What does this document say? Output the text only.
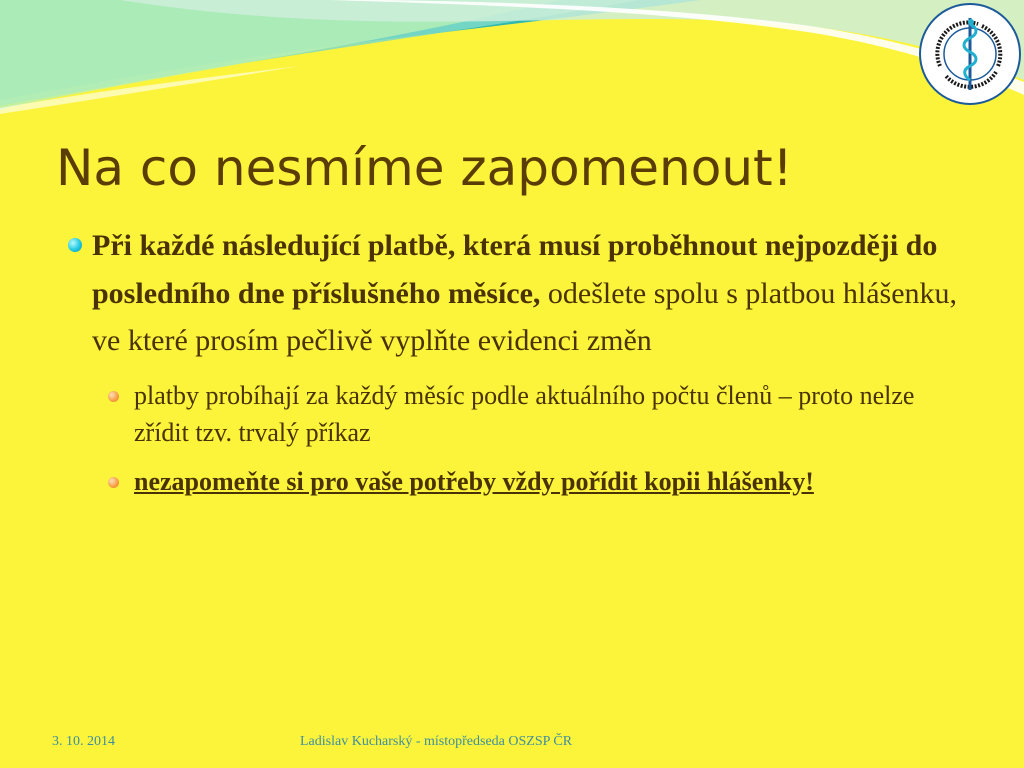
Na co nesmíme zapomenout!
Při každé následující platbě, která musí proběhnout nejpozději do posledního dne příslušného měsíce, odešlete spolu s platbou hlášenku, ve které prosím pečlivě vyplňte evidenci změn
platby probíhají za každý měsíc podle aktuálního počtu členů – proto nelze zřídit tzv. trvalý příkaz
nezapomeňte si pro vaše potřeby vždy pořídit kopii hlášenky!
3. 10. 2014	Ladislav Kucharský - místopředseda OSZSP ČR
